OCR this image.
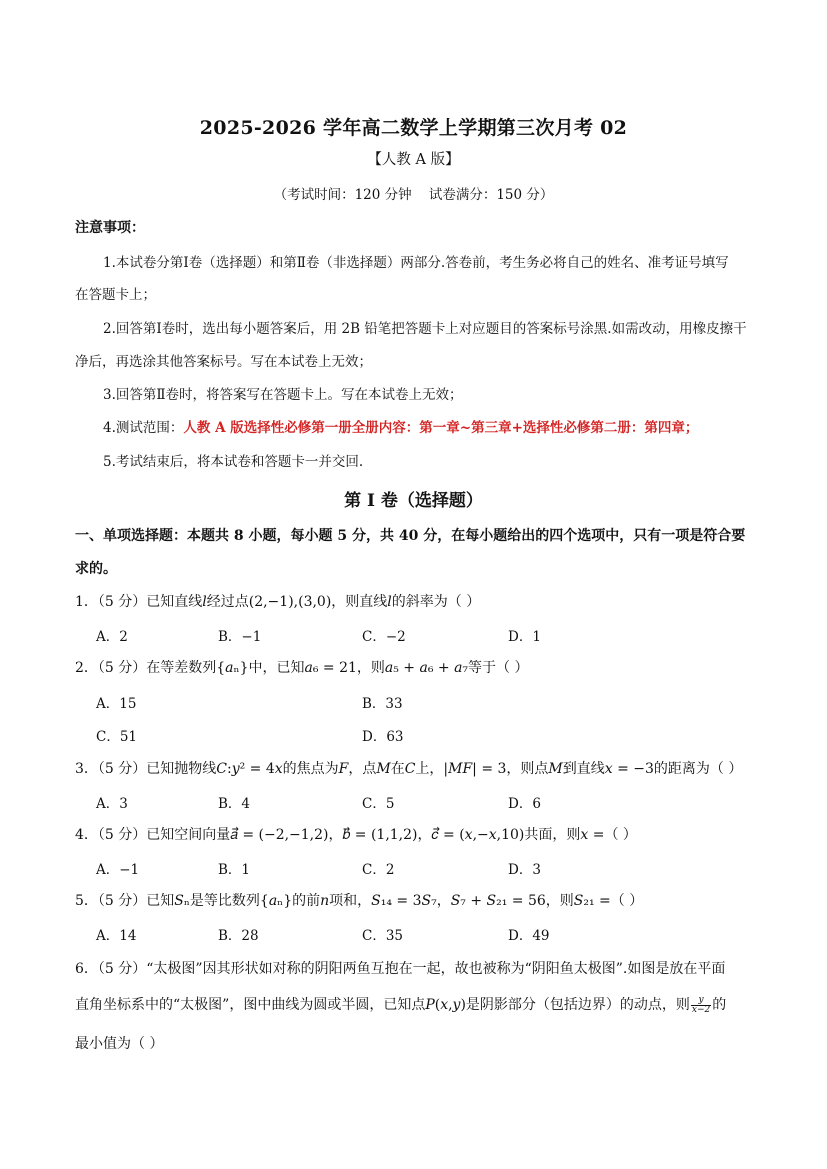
2025-2026 学年高二数学上学期第三次月考 02
【人教 A 版】
（考试时间：120 分钟    试卷满分：150 分）
注意事项：
1.本试卷分第Ⅰ卷（选择题）和第Ⅱ卷（非选择题）两部分.答卷前，考生务必将自己的姓名、准考证号填写
在答题卡上；
2.回答第Ⅰ卷时，选出每小题答案后，用 2B 铅笔把答题卡上对应题目的答案标号涂黑.如需改动，用橡皮擦干
净后，再选涂其他答案标号。写在本试卷上无效；
3.回答第Ⅱ卷时，将答案写在答题卡上。写在本试卷上无效；
4.测试范围：人教 A 版选择性必修第一册全册内容：第一章~第三章+选择性必修第二册：第四章；
5.考试结束后，将本试卷和答题卡一并交回.
第 I 卷（选择题）
一、单项选择题：本题共 8 小题，每小题 5 分，共 40 分，在每小题给出的四个选项中，只有一项是符合要
求的。
1．（5 分）已知直线𝑙经过点(2,−1),(3,0)，则直线𝑙的斜率为（ ）
A．2	B．−1	C．−2	D．1
2．（5 分）在等差数列{𝑎ₙ}中，已知𝑎₆ = 21，则𝑎₅ + 𝑎₆ + 𝑎₇等于（ ）
A．15	B．33
C．51	D．63
3．（5 分）已知抛物线𝐶:𝑦² = 4𝑥的焦点为𝐹，点𝑀在𝐶上，|𝑀𝐹| = 3，则点𝑀到直线𝑥 = −3的距离为（ ）
A．3	B．4	C．5	D．6
4．（5 分）已知空间向量𝑎⃗ = (−2,−1,2)，𝑏⃗ = (1,1,2)，𝑐⃗ = (𝑥,−𝑥,10)共面，则𝑥 =（ ）
A．−1	B．1	C．2	D．3
5．（5 分）已知𝑆ₙ是等比数列{𝑎ₙ}的前𝑛项和，𝑆₁₄ = 3𝑆₇，𝑆₇ + 𝑆₂₁ = 56，则𝑆₂₁ =（ ）
A．14	B．28	C．35	D．49
6．（5 分）“太极图”因其形状如对称的阴阳两鱼互抱在一起，故也被称为“阴阳鱼太极图”.如图是放在平面
直角坐标系中的“太极图”，图中曲线为圆或半圆，已知点𝑃(𝑥,𝑦)是阴影部分（包括边界）的动点，则 $\frac{y}{x-2}$ 的
最小值为（ ）
